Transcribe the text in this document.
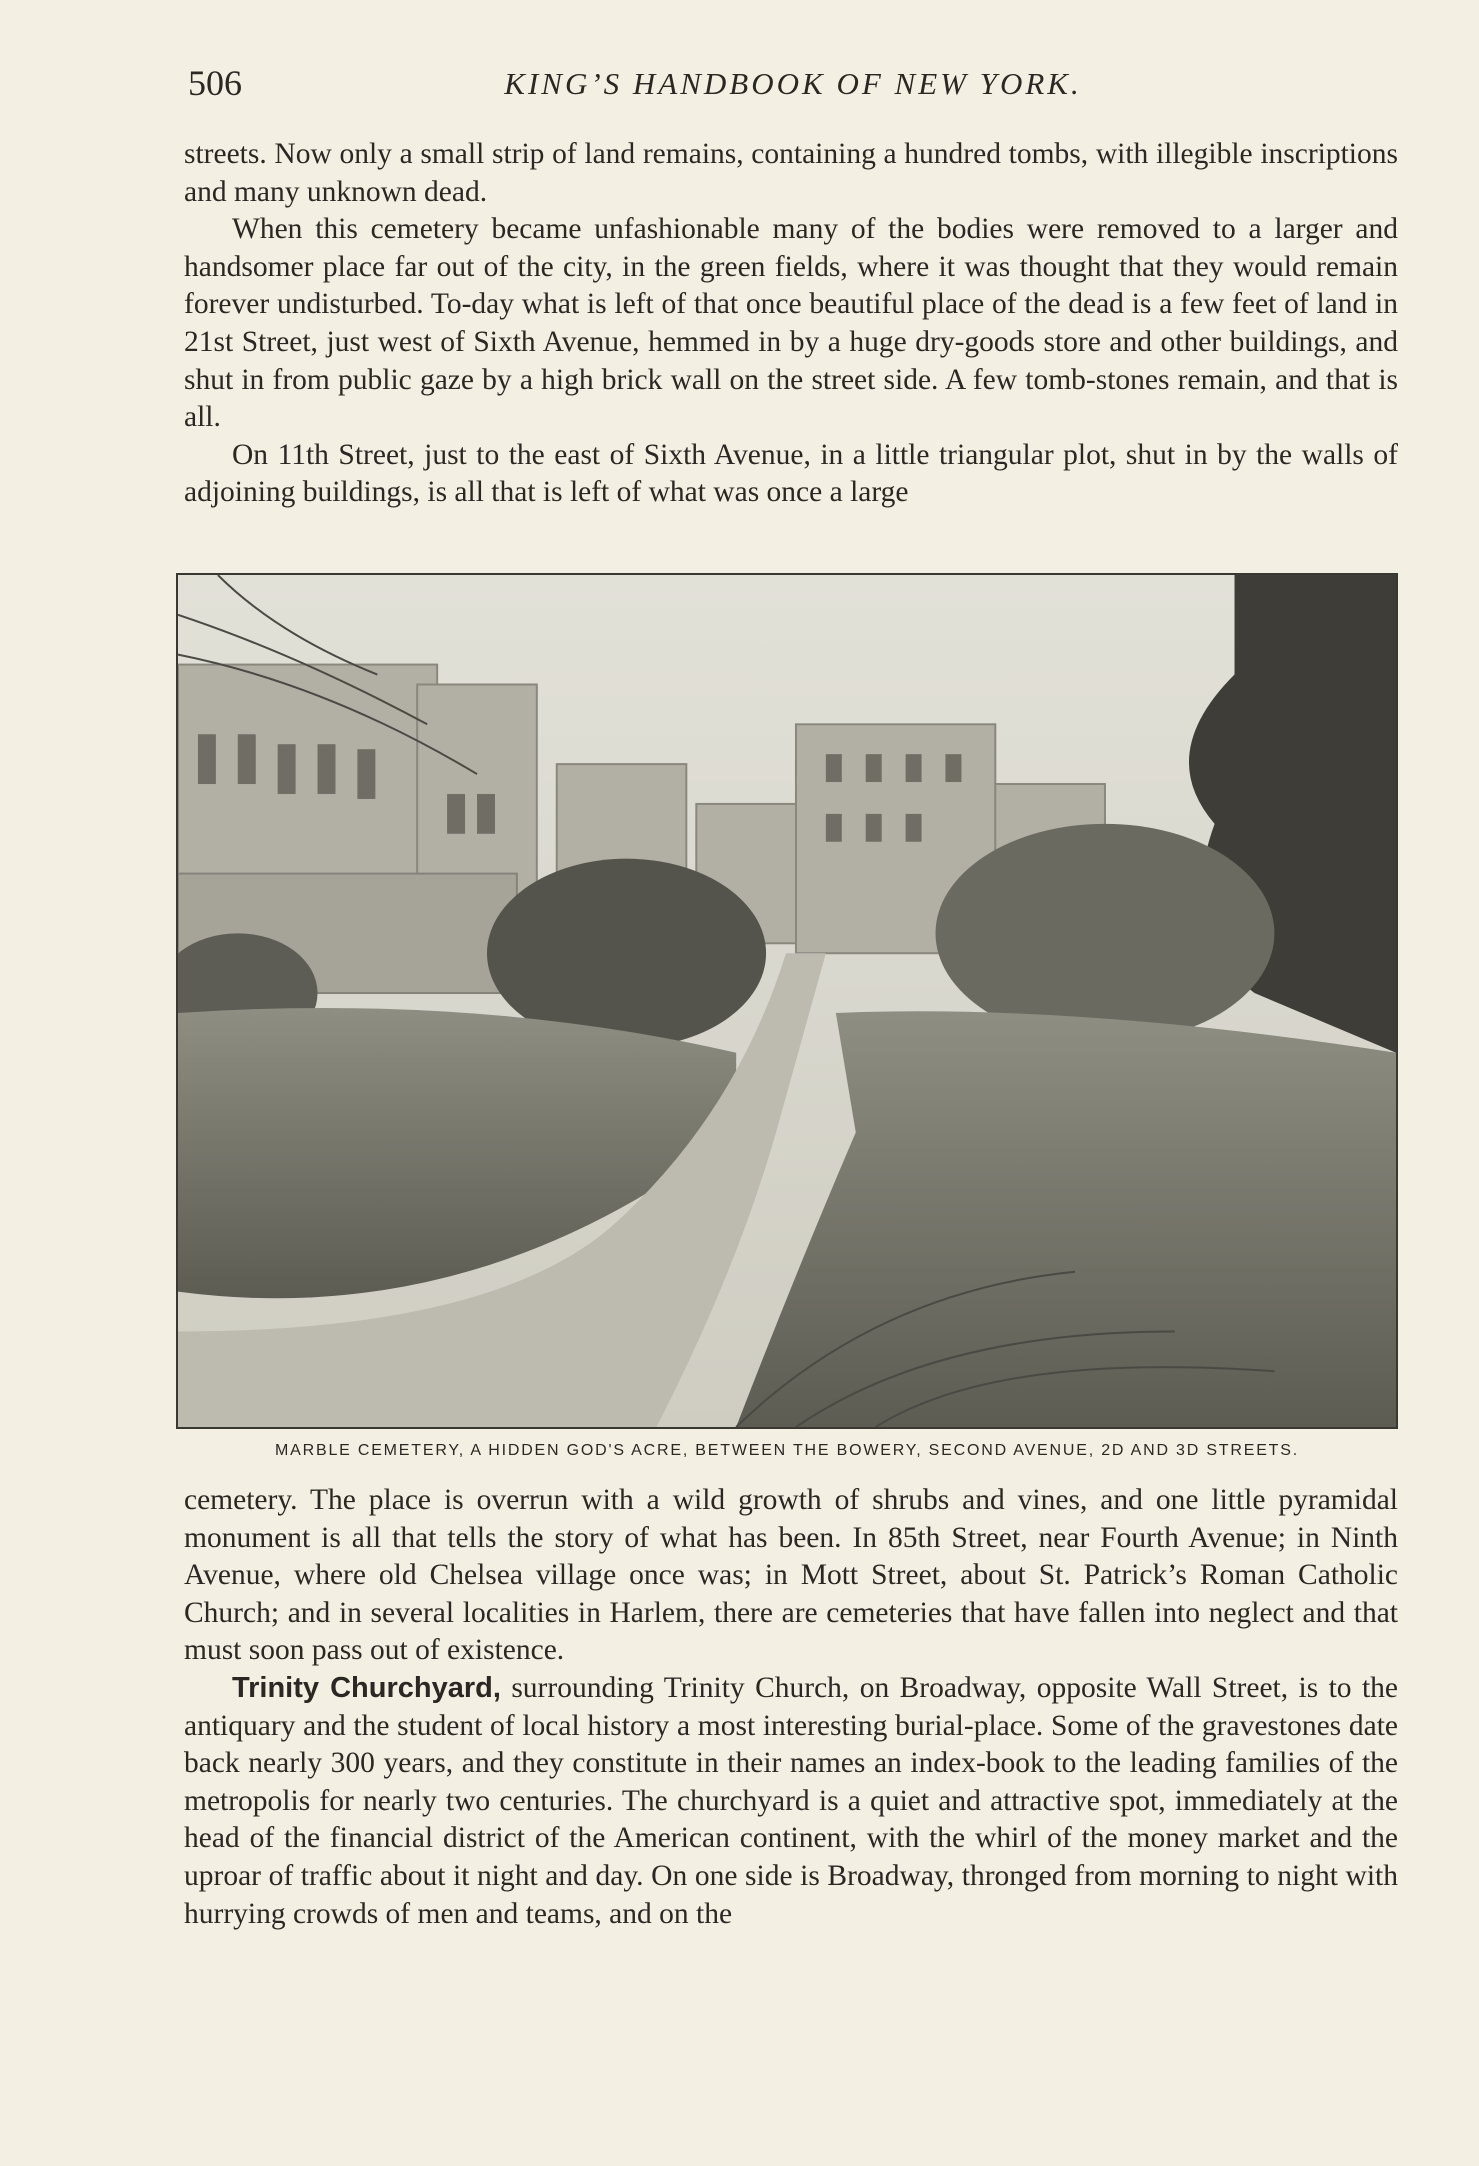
506	KING’S HANDBOOK OF NEW YORK.

streets. Now only a small strip of land remains, containing a hundred tombs, with illegible inscriptions and many unknown dead.

When this cemetery became unfashionable many of the bodies were removed to a larger and handsomer place far out of the city, in the green fields, where it was thought that they would remain forever undisturbed. To-day what is left of that once beautiful place of the dead is a few feet of land in 21st Street, just west of Sixth Avenue, hemmed in by a huge dry-goods store and other buildings, and shut in from public gaze by a high brick wall on the street side. A few tomb-stones remain, and that is all.

On 11th Street, just to the east of Sixth Avenue, in a little triangular plot, shut in by the walls of adjoining buildings, is all that is left of what was once a large

MARBLE CEMETERY, A HIDDEN GOD'S ACRE, BETWEEN THE BOWERY, SECOND AVENUE, 2D AND 3D STREETS.

cemetery. The place is overrun with a wild growth of shrubs and vines, and one little pyramidal monument is all that tells the story of what has been. In 85th Street, near Fourth Avenue; in Ninth Avenue, where old Chelsea village once was; in Mott Street, about St. Patrick’s Roman Catholic Church; and in several localities in Harlem, there are cemeteries that have fallen into neglect and that must soon pass out of existence.

Trinity Churchyard, surrounding Trinity Church, on Broadway, opposite Wall Street, is to the antiquary and the student of local history a most interesting burial-place. Some of the gravestones date back nearly 300 years, and they constitute in their names an index-book to the leading families of the metropolis for nearly two centuries. The churchyard is a quiet and attractive spot, immediately at the head of the financial district of the American continent, with the whirl of the money market and the uproar of traffic about it night and day. On one side is Broadway, thronged from morning to night with hurrying crowds of men and teams, and on the
